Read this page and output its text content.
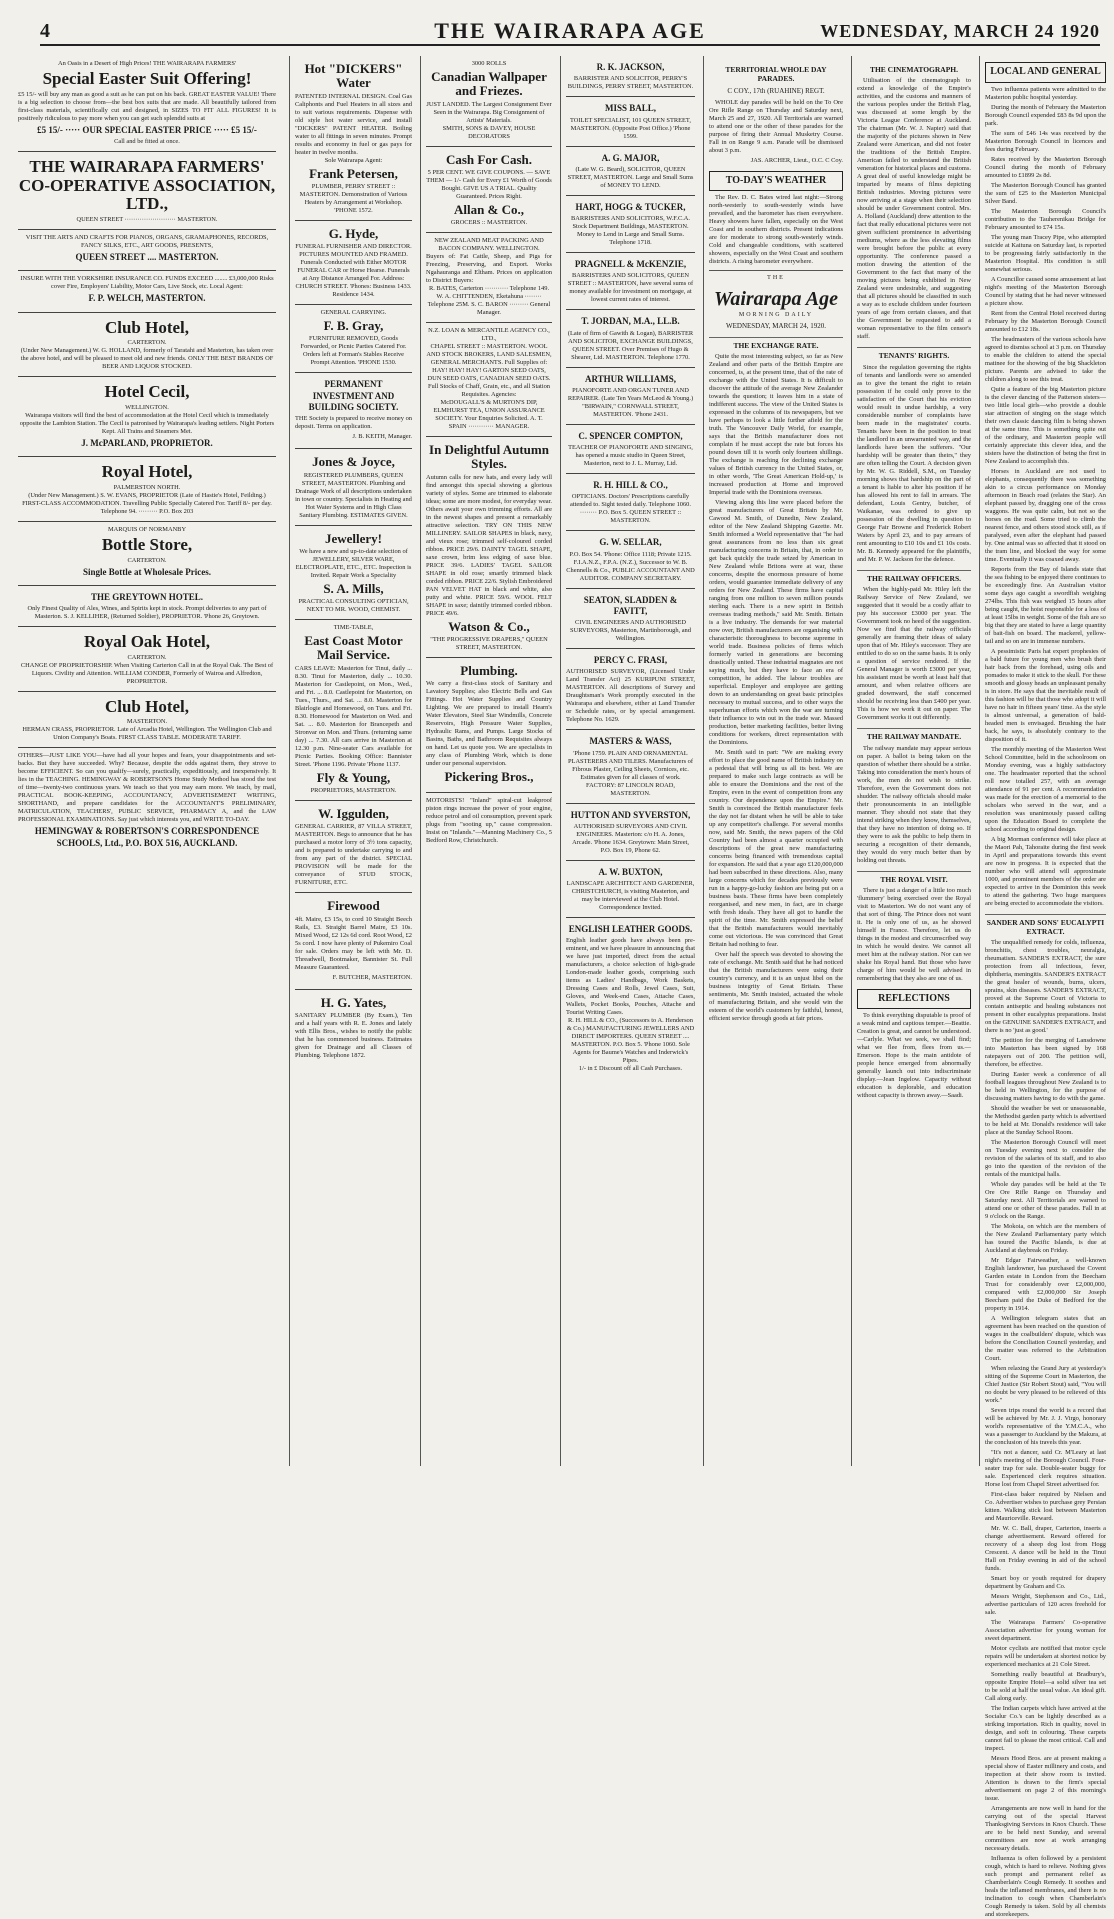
4	THE WAIRARAPA AGE	WEDNESDAY, MARCH 24 1920
An Oasis in a Desert of High Prices! THE WAIRARAPA FARMERS'
Special Easter Suit Offering!
£5 15/- will buy any man as good a suit as he can put on his back. GREAT EASTER VALUE! There is a big selection to choose from—the best box suits that are made. All beautifully tailored from first-class materials, scientifically cut and designed, in SIZES TO FIT ALL FIGURES! It is positively ridiculous to pay more when you can get such splendid suits at
£5 15/- ····· OUR SPECIAL EASTER PRICE ····· £5 15/-
Call and be fitted at once.
THE WAIRARAPA FARMERS' CO-OPERATIVE ASSOCIATION, LTD.,
QUEEN STREET ························ MASTERTON.
VISIT THE ARTS AND CRAFTS FOR PIANOS, ORGANS, GRAMAPHONES, RECORDS, FANCY SILKS, ETC., ART GOODS, PRESENTS,
QUEEN STREET .... MASTERTON.
INSURE WITH THE YORKSHIRE INSURANCE CO. FUNDS EXCEED ........ £3,000,000 Risks cover Fire, Employers' Liability, Motor Cars, Live Stock, etc. Local Agent:
F. P. WELCH, MASTERTON.
Club Hotel,
CARTERTON.
(Under New Management.) W. G. HOLLAND, formerly of Taratahi and Masterton, has taken over the above hotel, and will be pleased to meet old and new friends. ONLY THE BEST BRANDS OF BEER AND LIQUOR STOCKED.
Hotel Cecil,
WELLINGTON.
Wairarapa visitors will find the best of accommodation at the Hotel Cecil which is immediately opposite the Lambton Station. The Cecil is patronised by Wairarapa's leading settlers. Night Porters Kept. All Trains and Steamers Met.
J. McPARLAND, PROPRIETOR.
Royal Hotel,
PALMERSTON NORTH.
(Under New Management.) S. W. EVANS, PROPRIETOR (Late of Hastie's Hotel, Feilding.) FIRST-CLASS ACCOMMODATION. Travelling Public Specially Catered For. Tariff 8/- per day.
Telephone 94. ········· P.O. Box 203
MARQUIS OF NORMANBY
Bottle Store,
CARTERTON.
Single Bottle at Wholesale Prices.
THE GREYTOWN HOTEL.
Only Finest Quality of Ales, Wines, and Spirits kept in stock. Prompt deliveries to any part of Masterton. S. J. KELLIHER, (Returned Soldier), PROPRIETOR. 'Phone 26, Greytown.
Royal Oak Hotel,
CARTERTON.
CHANGE OF PROPRIETORSHIP. When Visiting Carterton Call in at the Royal Oak. The Best of Liquors. Civility and Attention. WILLIAM CONDER, Formerly of Wairoa and Alfredton, PROPRIETOR.
Club Hotel,
MASTERTON.
HERMAN CRASS, PROPRIETOR. Late of Arcadia Hotel, Wellington. The Wellington Club and Union Company's Boats. FIRST CLASS TABLE. MODERATE TARIFF.
OTHERS—JUST LIKE YOU—have had all your hopes and fears, your disappointments and set-backs. But they have succeeded. Why? Because, despite the odds against them, they strove to become EFFICIENT. So can you qualify—surely, practically, expeditiously, and inexpensively. It lies in the TEACHING. HEMINGWAY & ROBERTSON'S Home Study Method has stood the test of time—twenty-two continuous years. We teach so that you may earn more. We teach, by mail, PRACTICAL BOOK-KEEPING, ACCOUNTANCY, ADVERTISEMENT WRITING, SHORTHAND, and prepare candidates for the ACCOUNTANT'S PRELIMINARY, MATRICULATION, TEACHERS', PUBLIC SERVICE, PHARMACY A, and the LAW PROFESSIONAL EXAMINATIONS. Say just which interests you, and WRITE TO-DAY.
HEMINGWAY & ROBERTSON'S CORRESPONDENCE SCHOOLS, Ltd., P.O. BOX 516, AUCKLAND.
Hot "DICKERS" Water
PATENTED INTERNAL DESIGN. Coal Gas Caliphonts and Fuel Heaters in all sizes and to suit various requirements. Dispense with old style hot water service, and install "DICKERS" PATENT HEATER. Boiling water to all fittings in seven minutes. Prompt results and economy in fuel or gas pays for heater in twelve months.
Sole Wairarapa Agent:
Frank Petersen,
PLUMBER, PERRY STREET :: MASTERTON. Demonstration of Various Heaters by Arrangement at Workshop. 'PHONE 1572.
G. Hyde,
FUNERAL FURNISHER AND DIRECTOR. PICTURES MOUNTED AND FRAMED. Funerals Conducted with Either MOTOR FUNERAL CAR or Horse Hearse. Funerals at Any Distance Arranged For. Address: CHURCH STREET. 'Phones: Business 1433. Residence 1434.
GENERAL CARRYING.
F. B. Gray,
FURNITURE REMOVED, Goods Forwarded, or Picnic Parties Catered For. Orders left at Forman's Stables Receive Prompt Attention. 'PHONE 1530.
PERMANENT INVESTMENT AND BUILDING SOCIETY.
THE Society is prepared to receive money on deposit. Terms on application.
J. B. KEITH, Manager.
Jones & Joyce,
REGISTERED PLUMBERS, QUEEN STREET, MASTERTON. Plumbing and Drainage Work of all descriptions undertaken in town or country. Specialists in Heating and Hot Water Systems and in High Class Sanitary Plumbing. ESTIMATES GIVEN.
Jewellery!
We have a new and up-to-date selection of JEWELLERY, SILVER WARE, ELECTROPLATE, ETC., ETC. Inspection is Invited. Repair Work a Speciality
S. A. Mills,
PRACTICAL CONSULTING OPTICIAN, NEXT TO MR. WOOD, CHEMIST.
TIME-TABLE,
East Coast Motor Mail Service.
CARS LEAVE: Masterton for Tinui, daily ... 8.30. Tinui for Masterton, daily ... 10.30. Masterton for Castlepoint, on Mon., Wed., and Fri. ... 8.0. Castlepoint for Masterton, on Tues., Thurs., and Sat. ... 8.0. Masterton for Blairlogie and Homewood, on Tues. and Fri. 8.30. Homewood for Masterton on Wed. and Sat. ... 8.0. Masterton for Brancepeth and Stronvar on Mon. and Thurs. (returning same day) ... 7.30. All cars arrive in Masterton at 12.30 p.m. Nine-seater Cars available for Picnic Parties. Booking Office: Bannister Street. 'Phone 1196. Private 'Phone 1137.
Fly & Young,
PROPRIETORS, MASTERTON.
W. Iggulden,
GENERAL CARRIER, 87 VILLA STREET, MASTERTON. Begs to announce that he has purchased a motor lorry of 3½ tons capacity, and is prepared to undertake carrying to and from any part of the district. SPECIAL PROVISION will be made for the conveyance of STUD STOCK, FURNITURE, ETC.
Firewood
4ft. Maire, £3 15s, to cord 10 Straight Beech Rails, £3. Straight Barrel Maire, £3 10s. Mixed Wood, £2 12s 6d cord. Root Wood, £2 5s cord. I now have plenty of Pukemiro Coal for sale. Orders may be left with Mr. D. Threadwell, Bootmaker, Bannister St. Full Measure Guaranteed.
F. BUTCHER, MASTERTON.
H. G. Yates,
SANITARY PLUMBER (By Exam.), Ten and a half years with R. E. Jones and lately with Ellis Bros., wishes to notify the public that he has commenced business. Estimates given for Drainage and all Classes of Plumbing. Telephone 1872.
3000 ROLLS
Canadian Wallpaper and Friezes.
JUST LANDED. The Largest Consignment Ever Seen in the Wairarapa. Big Consignment of Artists' Materials.
SMITH, SONS & DAVEY, HOUSE DECORATORS
Cash For Cash.
5 PER CENT. WE GIVE COUPONS. — SAVE THEM — 1/- Cash for Every £1 Worth of Goods Bought. GIVE US A TRIAL. Quality Guaranteed. Prices Right.
Allan & Co.,
GROCERS :: MASTERTON.
NEW ZEALAND MEAT PACKING AND BACON COMPANY. WELLINGTON.
Buyers of: Fat Cattle, Sheep, and Pigs for Freezing, Preserving, and Export. Works Ngahauranga and Eltham. Prices on application to District Buyers:
R. BATES, Carterton ··········· Telephone 149. W. A. CHITTENDEN, Eketahuna ········ Telephone 25M. S. C. BARON ········· General Manager.
N.Z. LOAN & MERCANTILE AGENCY CO., LTD.,
CHAPEL STREET :: MASTERTON. WOOL AND STOCK BROKERS, LAND SALESMEN, GENERAL MERCHANTS. Full Supplies of: HAY! HAY! HAY! GARTON SEED OATS, DUN SEED OATS, CANADIAN SEED OATS. Full Stocks of Chaff, Grain, etc., and all Station Requisites. Agencies:
McDOUGALL'S & MURTON'S DIP, ELMHURST TEA, UNION ASSURANCE SOCIETY. Your Enquiries Solicited. A. T. SPAIN ············ MANAGER.
In Delightful Autumn Styles.
Autumn calls for new hats, and every lady will find amongst this special showing a glorious variety of styles. Some are trimmed to elaborate ideas; some are more modest, for everyday wear. Others await your own trimming efforts. All are in the newest shapes and present a remarkably attractive selection. TRY ON THIS NEW MILLINERY. SAILOR SHAPES in black, navy, and vieux rose; trimmed self-coloured corded ribbon. PRICE 29/6. DAINTY TAGEL SHAPE, saxe crown, brim less edging of saxe blue. PRICE 39/6. LADIES' TAGEL SAILOR SHAPE in old rose; smartly trimmed black corded ribbon. PRICE 22/6. Stylish Embroidered PAN VELVET HAT in black and white, also putty and white. PRICE 59/6. WOOL FELT SHAPE in saxe; daintily trimmed corded ribbon. PRICE 49/6.
Watson & Co.,
"THE PROGRESSIVE DRAPERS," QUEEN STREET, MASTERTON.
Plumbing.
We carry a first-class stock of Sanitary and Lavatory Supplies; also Electric Bells and Gas Fittings. Hot Water Supplies and Country Lighting. We are prepared to install Hearn's Water Elevators, Steel Star Windmills, Concrete Reservoirs, High Pressure Water Supplies, Hydraulic Rams, and Pumps. Large Stocks of Basins, Baths, and Bathroom Requisites always on hand. Let us quote you. We are specialists in any class of Plumbing Work, which is done under our personal supervision.
Pickering Bros.,
MOTORISTS! "Inland" spiral-cut leakproof piston rings increase the power of your engine, reduce petrol and oil consumption, prevent spark plugs from "sooting up," cause compression. Insist on "Inlands."—Manning Machinery Co., 5 Bedford Row, Christchurch.
R. K. JACKSON,
BARRISTER AND SOLICITOR, PERRY'S BUILDINGS, PERRY STREET, MASTERTON.
MISS BALL,
TOILET SPECIALIST, 101 QUEEN STREET, MASTERTON. (Opposite Post Office.) 'Phone 1599.
A. G. MAJOR,
(Late W. G. Beard), SOLICITOR, QUEEN STREET, MASTERTON. Large and Small Sums of MONEY TO LEND.
HART, HOGG & TUCKER,
BARRISTERS AND SOLICITORS, W.F.C.A. Stock Department Buildings, MASTERTON. Money to Lend in Large and Small Sums. Telephone 1718.
PRAGNELL & McKENZIE,
BARRISTERS AND SOLICITORS, QUEEN STREET :: MASTERTON, have several sums of money available for investment on mortgage, at lowest current rates of interest.
T. JORDAN, M.A., LL.B.
(Late of firm of Gawith & Logan), BARRISTER AND SOLICITOR, EXCHANGE BUILDINGS, QUEEN STREET. Over Premises of Hugo & Shearer, Ltd. MASTERTON. Telephone 1770.
ARTHUR WILLIAMS,
PIANOFORTE AND ORGAN TUNER AND REPAIRER. (Late Ten Years McLeod & Young.) "BIRWAIN," CORNWALL STREET, MASTERTON. 'Phone 2431.
C. SPENCER COMPTON,
TEACHER OF PIANOFORTE AND SINGING, has opened a music studio in Queen Street, Masterton, next to J. L. Murray, Ltd.
R. H. HILL & CO.,
OPTICIANS. Doctors' Prescriptions carefully attended to. Sight tested daily. Telephone 1060. ········ P.O. Box 5. QUEEN STREET :: MASTERTON.
G. W. SELLAR,
P.O. Box 54. 'Phone: Office 1118; Private 1215. F.I.A.N.Z., F.P.A. (N.Z.), Successor to W. B. Chennells & Co., PUBLIC ACCOUNTANT AND AUDITOR. COMPANY SECRETARY.
SEATON, SLADDEN & FAVITT,
CIVIL ENGINEERS AND AUTHORISED SURVEYORS, Masterton, Martinborough, and Wellington.
PERCY C. FRASI,
AUTHORISED SURVEYOR, (Licensed Under Land Transfer Act) 25 KURIPUNI STREET, MASTERTON. All descriptions of Survey and Draughtsman's Work promptly executed in the Wairarapa and elsewhere, either at Land Transfer or Schedule rates, or by special arrangement. Telephone No. 1629.
MASTERS & WASS,
'Phone 1759. PLAIN AND ORNAMENTAL PLASTERERS AND TILERS. Manufacturers of Fibrous Plaster, Ceiling Sheets, Cornices, etc. Estimates given for all classes of work. FACTORY: 87 LINCOLN ROAD, MASTERTON.
HUTTON AND SYVERSTON,
AUTHORISED SURVEYORS AND CIVIL ENGINEERS. Masterton: c/o H. A. Jones, Arcade. 'Phone 1634. Greytown: Main Street, P.O. Box 19, Phone 62.
A. W. BUXTON,
LANDSCAPE ARCHITECT AND GARDENER, CHRISTCHURCH, is visiting Masterton, and may be interviewed at the Club Hotel. Correspondence Invited.
ENGLISH LEATHER GOODS.
English leather goods have always been pre-eminent, and we have pleasure in announcing that we have just imported, direct from the actual manufacturers, a choice selection of high-grade London-made leather goods, comprising such items as Ladies' Handbags, Work Baskets, Dressing Cases and Rolls, Jewel Cases, Suit, Gloves, and Week-end Cases, Attache Cases, Wallets, Pocket Books, Pouches, Attache and Tourist Writing Cases.
R. H. HILL & CO., (Successors to A. Henderson & Co.) MANUFACTURING JEWELLERS AND DIRECT IMPORTERS. QUEEN STREET .... MASTERTON. P.O. Box 5. 'Phone 1060. Sole Agents for Baume's Watches and Inderwick's Pipes.
1/- in £ Discount off all Cash Purchases.
TERRITORIAL WHOLE DAY PARADES.
C COY., 17th (RUAHINE) REGT.
WHOLE day parades will be held on the To Ore Ore Rifle Range on Thursday and Saturday next, March 25 and 27, 1920. All Territorials are warned to attend one or the other of these parades for the purpose of firing their Annual Musketry Course. Fall in on Range 9 a.m. Parade will be dismissed about 3 p.m.
JAS. ARCHER, Lieut., O.C. C Coy.
TO-DAY'S WEATHER
The Rev. D. C. Bates wired last night:—Strong north-westerly to south-westerly winds have prevailed, and the barometer has risen everywhere. Heavy showers have fallen, especially on the West Coast and in southern districts. Present indications are for moderate to strong south-westerly winds. Cold and changeable conditions, with scattered showers, especially on the West Coast and southern districts. A rising barometer everywhere.
THE
Wairarapa Age
MORNING DAILY
WEDNESDAY, MARCH 24, 1920.
THE EXCHANGE RATE.
Quite the most interesting subject, so far as New Zealand and other parts of the British Empire are concerned, is, at the present time, that of the rate of exchange with the United States. It is difficult to discover the attitude of the average New Zealander towards the question; it leaves him in a state of indifferent success. The view of the United States is expressed in the columns of its newspapers, but we have perhaps to look a little further afield for the truth. The Vancouver Daily World, for example, says that the British manufacturer does not complain if he must accept the rate but forces his pound down till it is worth only fourteen shillings. The exchange is reaching for declining exchange values of British currency in the United States, or, in other words, 'The Great American Hold-up,' is increased production at Home and improved Imperial trade with the Dominions overseas.
Viewing along this line were placed before the great manufacturers of Great Britain by Mr. Cawood M. Smith, of Dunedin, New Zealand, editor of the New Zealand Shipping Gazette. Mr. Smith informed a World representative that "he had great assurances from no less than six great manufacturing concerns in Britain, that, in order to get back quickly the trade seized by American in New Zealand while Britons were at war, these concerns, despite the enormous pressure of home orders, would guarantee immediate delivery of any orders for New Zealand. These firms have capital ranging from one million to seven million pounds sterling each. There is a new spirit in British overseas trading methods," said Mr. Smith. Britain is a live industry. The demands for war material now over, British manufacturers are organising with characteristic thoroughness to become supreme in world trade. Business policies of firms which formerly varied in generations are becoming drastically united. These industrial magnates are not saying much, but they have to face an era of competition, he added. The labour troubles are superficial. Employer and employee are getting down to an understanding on great basic principles necessary to mutual success, and to other ways the superhuman efforts which won the war are turning their influence to win out in the trade war. Massed production, better marketing facilities, better living conditions for workers, direct representation with the Dominions.
Mr. Smith said in part: "We are making every effort to place the good name of British industry on a pedestal that will bring us all its best. We are prepared to make such large contracts as will be able to ensure the Dominions and the rest of the Empire, even in the event of competition from any country. Our dependence upon the Empire." Mr. Smith is convinced the British manufacturer feels the day not far distant when he will be able to take up any competitor's challenge. For several months now, said Mr. Smith, the news papers of the Old Country had been almost a quarter occupied with descriptions of the great new manufacturing concerns being financed with tremendous capital for expansion. He said that a year ago £120,000,000 had been subscribed in these directions. Also, many large concerns which for decades previously were run in a happy-go-lucky fashion are being put on a business basis. These firms have been completely reorganised, and new men, in fact, are in charge with fresh ideals. They have all got to handle the spirit of the time. Mr. Smith expressed the belief that the British manufacturers would inevitably come out victorious. He was convinced that Great Britain had nothing to fear.
Over half the speech was devoted to showing the rate of exchange. Mr. Smith said that he had noticed that the British manufacturers were using their country's currency, and it is an unjust libel on the business integrity of Great Britain. These sentiments, Mr. Smith insisted, actuated the whole of manufacturing Britain, and she would win the esteem of the world's customers by faithful, honest, efficient service through goods at fair prices.
THE CINEMATOGRAPH.
Utilisation of the cinematograph to extend a knowledge of the Empire's activities, and the customs and manners of the various peoples under the British Flag, was discussed at some length by the Victoria League Conference at Auckland. The chairman (Mr. W. J. Napier) said that the majority of the pictures shown in New Zealand were American, and did not foster the traditions of the British Empire. American failed to understand the British veneration for historical places and customs. A great deal of useful knowledge might be imparted by means of films depicting British industries. Moving pictures were now arriving at a stage when their selection should be under Government control. Mrs. A. Holland (Auckland) drew attention to the fact that really educational pictures were not given sufficient prominence in advertising mediums, where as the less elevating films were brought before the public at every opportunity. The conference passed a motion drawing the attention of the Government to the fact that many of the moving pictures being exhibited in New Zealand were undesirable, and suggesting that all pictures should be classified in such a way as to exclude children under fourteen years of age from certain classes, and that the Government be requested to add a woman representative to the film censor's staff.
TENANTS' RIGHTS.
Since the regulation governing the rights of tenants and landlords were so amended as to give the tenant the right to retain possession if he could only prove to the satisfaction of the Court that his eviction would result in undue hardship, a very considerable number of complaints have been made in the magistrates' courts. Tenants have been in the position to treat the landlord in an unwarranted way, and the landlords have been the sufferers. "Our hardship will be greater than theirs," they are often telling the Court. A decision given by Mr. W. G. Riddell, S.M., on Tuesday morning shows that hardship on the part of a tenant is liable to alter his position if he has allowed his rent to fall in arrears. The defendant, Louis Gentry, butcher, of Waikanae, was ordered to give up possession of the dwelling in question to George Fair Browne and Frederick Robert Waters by April 23, and to pay arrears of rent amounting to £10 10s and £1 10s costs. Mr. B. Kennedy appeared for the plaintiffs, and Mr. P. W. Jackson for the defence.
THE RAILWAY OFFICERS.
When the highly-paid Mr. Hiley left the Railway Service of New Zealand, we suggested that it would be a costly affair to pay his successor £3000 per year. The Government took no heed of the suggestion. Now we find that the railway officials generally are framing their ideas of salary upon that of Mr. Hiley's successor. They are entitled to do so on the same basis. It is only a question of service rendered. If the General Manager is worth £3000 per year, his assistant must be worth at least half that amount, and when relative officers are graded downward, the staff concerned should be receiving less than £400 per year. This is how we work it out on paper. The Government works it out differently.
THE RAILWAY MANDATE.
The railway mandate may appear serious on paper. A ballot is being taken on the question of whether there should be a strike. Taking into consideration the men's hours of work, the men do not wish to strike. Therefore, even the Government does not shudder. The railway officials should make their pronouncements in an intelligible manner. They should not state that they intend striking when they know, themselves, that they have no intention of doing so. If they were to ask the public to help them in securing a recognition of their demands, they would do very much better than by holding out threats.
THE ROYAL VISIT.
There is just a danger of a little too much 'flummery' being exercised over the Royal visit to Masterton. We do not want any of that sort of thing. The Prince does not want it. He is only one of us, as he showed himself in France. Therefore, let us do things in the modest and circumscribed way in which he would desire. We cannot all meet him at the railway station. Nor can we shake his Royal hand. But those who have charge of him would be well advised in remembering that they also are one of us.
REFLECTIONS
To think everything disputable is proof of a weak mind and captious temper.—Beattie. Creation is great, and cannot be understood.—Carlyle. What we seek, we shall find; what we flee from, flees from us.—Emerson. Hope is the main antidote of people hence emerged from abnormally generally launch out into indiscriminate display.—Jean Ingelow. Capacity without education is deplorable, and education without capacity is thrown away.—Saadi.
LOCAL AND GENERAL
Two influenza patients were admitted to the Masterton public hospital yesterday.
During the month of February the Masterton Borough Council expended £83 8s 9d upon the park.
The sum of £46 14s was received by the Masterton Borough Council in licences and fees during February.
Rates received by the Masterton Borough Council during the month of February amounted to £1899 2s 8d.
The Masterton Borough Council has granted the sum of £25 to the Masterton Municipal Silver Band.
The Masterton Borough Council's contribution to the Tauherenikau Bridge for February amounted to £74 15s.
The young man Tracey Pipe, who attempted suicide at Kaituna on Saturday last, is reported to be progressing fairly satisfactorily in the Masterton Hospital. His condition is still somewhat serious.
A Councillor caused some amusement at last night's meeting of the Masterton Borough Council by stating that he had never witnessed a picture show.
Rent from the Central Hotel received during February by the Masterton Borough Council amounted to £12 18s.
The headmasters of the various schools have agreed to dismiss school at 3 p.m. on Thursday to enable the children to attend the special matinee for the showing of the big Shackleton picture. Parents are advised to take the children along to see this treat.
Quite a feature of the big Masterton picture is the clever dancing of the Patterson sisters—two little local girls—who provide a double star attraction of singing on the stage which their own classic dancing film is being shown at the same time. This is something quite out of the ordinary, and Masterton people will certainly appreciate this clever idea, and the sisters have the distinction of being the first in New Zealand to accomplish this.
Horses in Auckland are not used to elephants, consequently there was something akin to a circus performance on Monday afternoon in Beach road (relates the Star). An elephant passed by, dragging one of the cross waggons. He was quite calm, but not so the horses on the road. Some tried to climb the nearest fence, and others stood stock still, as if paralysed, even after the elephant had passed by. One animal was so affected that it stood on the tram line, and blocked the way for some time. Eventually it was coaxed away.
Reports from the Bay of Islands state that the sea fishing to be enjoyed there continues to be exceedingly fine. An Australian visitor some days ago caught a swordfish weighing 274lbs. This fish was weighed 15 hours after being caught, the hoist responsible for a loss of at least 15lbs in weight. Some of the fish are so big that they are stated to have a large quantity of bait-fish on board. The mackerel, yellow-tail and so on are in immense numbers.
A pessimistic Paris hat expert prophesies of a bald future for young men who brush their hair back from the forehead, using oils and pomades to make it stick to the skull. For these smooth and glossy heads an unpleasant penalty is in store. He says that the inevitable result of this fashion will be that those who adopt it will have no hair in fifteen years' time. As the style is almost universal, a generation of bald-headed men is envisaged. Brushing the hair back, he says, is absolutely contrary to the disposition of it.
The monthly meeting of the Masterton West School Committee, held in the schoolroom on Monday evening, was a highly satisfactory one. The headmaster reported that the school roll now totalled 257, with an average attendance of 91 per cent. A recommendation was made for the erection of a memorial to the scholars who served in the war, and a resolution was unanimously passed calling upon the Education Board to complete the school according to original design.
A big Morman conference will take place at the Maori Pah, Tahoraite during the first week in April and preparations towards this event are now in progress. It is expected that the number who will attend will approximate 1000, and prominent members of the order are expected to arrive in the Dominion this week to attend the gathering. Two huge marquees are being erected to accommodate the visitors.
SANDER AND SONS' EUCALYPTI EXTRACT.
The unqualified remedy for colds, influenza, bronchitis, chest troubles, neuralgia, rheumatism. SANDER'S EXTRACT, the sure protection from all infectious, fever, diphtheria, meningitis. SANDER'S EXTRACT the great healer of wounds, burns, ulcers, sprains, skin diseases. SANDER'S EXTRACT, proved at the Supreme Court of Victoria to contain antiseptic and healing substances not present in other eucalyptus preparations. Insist on the GENUINE SANDER'S EXTRACT, and there is no 'just as good.'
The petition for the merging of Lansdowne into Masterton has been signed by 168 ratepayers out of 200. The petition will, therefore, be effective.
During Easter week a conference of all football leagues throughout New Zealand is to be held in Wellington, for the purpose of discussing matters having to do with the game.
Should the weather be wet or unseasonable, the Methodist garden party which is advertised to be held at Mr. Donald's residence will take place at the Sunday School Room.
The Masterton Borough Council will meet on Tuesday evening next to consider the revision of the salaries of its staff, and to also go into the question of the revision of the rentals of the municipal halls.
Whole day parades will be held at the Te Ore Ore Rifle Range on Thursday and Saturday next. All Territorials are warned to attend one or other of these parades. Fall in at 9 o'clock on the Range.
The Mokoia, on which are the members of the New Zealand Parliamentary party which has toured the Pacific Islands, is due at Auckland at daybreak on Friday.
Mr Edgar Fairweather, a well-known English landowner, has purchased the Covent Garden estate in London from the Beecham Trust for considerably over £2,000,000, compared with £2,000,000 Sir Joseph Beecham paid the Duke of Bedford for the property in 1914.
A Wellington telegram states that an agreement has been reached on the question of wages in the coalbuilders' dispute, which was before the Conciliation Council yesterday, and the matter was referred to the Arbitration Court.
When relaxing the Grand Jury at yesterday's sitting of the Supreme Court in Masterton, the Chief Justice (Sir Robert Stout) said, "You will no doubt be very pleased to be relieved of this work."
Seven trips round the world is a record that will be achieved by Mr. J. J. Virgo, honorary world's representative of the Y.M.C.A., who was a passenger to Auckland by the Makura, at the conclusion of his travels this year.
"It's not a dancer, said Cr. M'Leary at last night's meeting of the Borough Council. Four-seater trap for sale. Double-seater buggy for sale. Experienced clerk requires situation. Horse lost from Chapel Street advertised for.
First-class baker required by Nielsen and Co. Advertiser wishes to purchase grey Persian kitten. Walking stick lost between Masterton and Mauriceville. Reward.
Mr. W. C. Ball, draper, Carterton, inserts a change advertisement. Reward offered for recovery of a sheep dog lost from Hogg Crescent. A dance will be held in the Tinui Hall on Friday evening in aid of the school funds.
Smart boy or youth required for drapery department by Graham and Co.
Messrs Wright, Stephenson and Co., Ltd., advertise particulars of 120 acres freehold for sale.
The Wairarapa Farmers' Co-operative Association advertise for young woman for sweet department.
Motor cyclists are notified that motor cycle repairs will be undertaken at shortest notice by experienced mechanics at 21 Cole Street.
Something really beautiful at Bradbury's, opposite Empire Hotel—a solid silver tea set to be sold at half the usual value. An ideal gift. Call along early.
The Indian carpets which have arrived at the Socialur Co.'s can be lightly described as a striking importation. Rich in quality, novel in design, and soft in colouring. These carpets cannot fail to please the most critical. Call and inspect.
Messrs Hood Bros. are at present making a special show of Easter millinery and costs, and inspection at their show room is invited. Attention is drawn to the firm's special advertisement on page 2 of this morning's issue.
Arrangements are now well in hand for the carrying out of the special Harvest Thanksgiving Services in Knox Church. These are to be held next Sunday, and several committees are now at work arranging necessary details.
Influenza is often followed by a persistent cough, which is hard to relieve. Nothing gives such prompt and permanent relief as Chamberlain's Cough Remedy. It soothes and heals the inflamed membranes, and there is no inclination to cough when Chamberlain's Cough Remedy is taken. Sold by all chemists and storekeepers.
